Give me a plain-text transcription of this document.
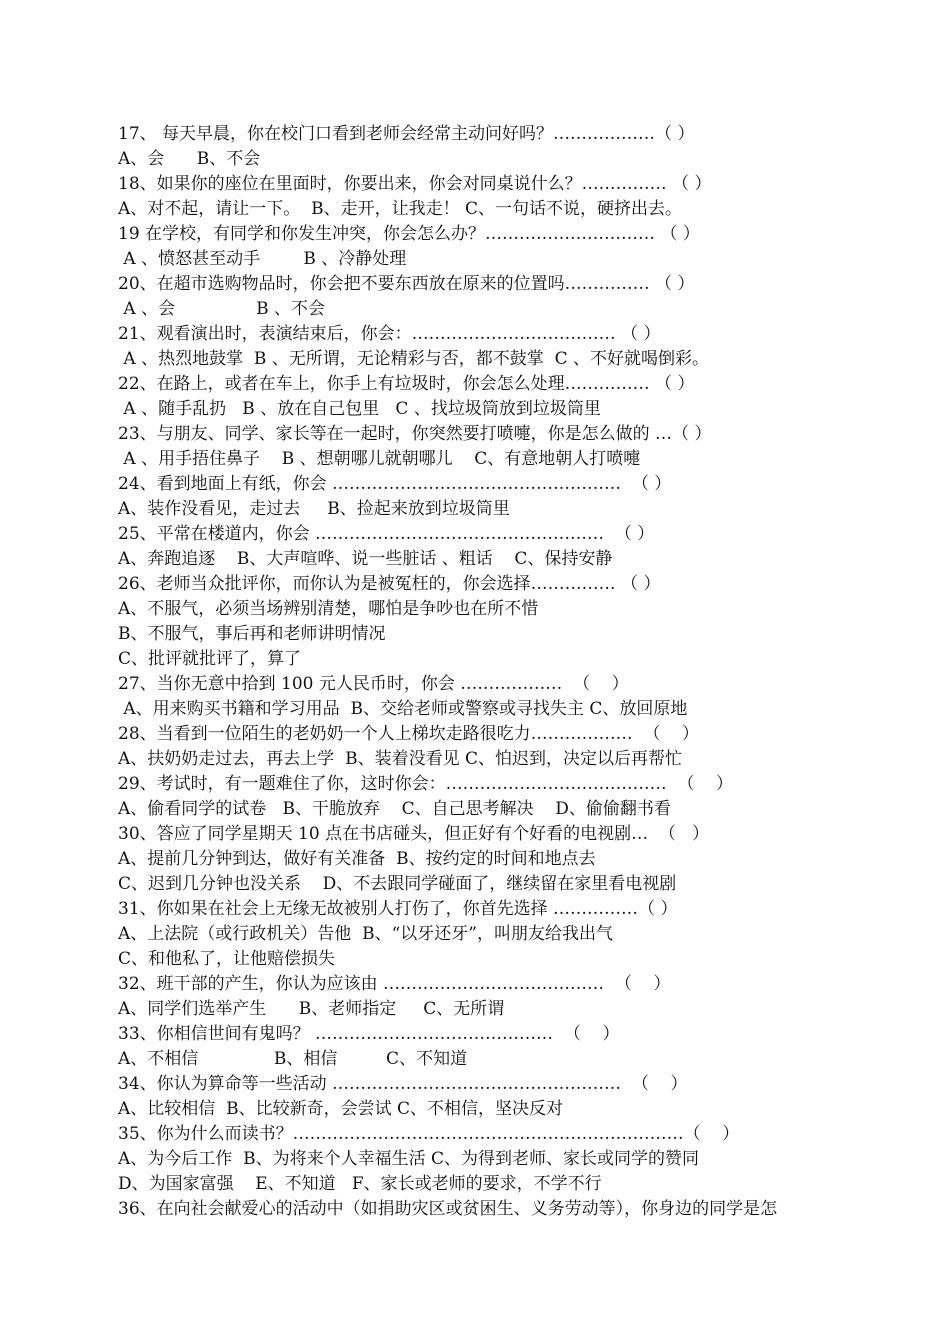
17、 每天早晨，你在校门口看到老师会经常主动问好吗？………………（ ）
A、会      B、不会
18、如果你的座位在里面时，你要出来，你会对同桌说什么？…………… （ ）
A、对不起，请让一下。  B、走开，让我走！ C、一句话不说，硬挤出去。
19 在学校，有同学和你发生冲突，你会怎么办？………………………… （ ）
A 、愤怒甚至动手        B 、冷静处理
20、在超市选购物品时，你会把不要东西放在原来的位置吗…………… （ ）
A 、会               B 、不会
21、观看演出时，表演结束后，你会：……………………………… （ ）
A 、热烈地鼓掌  B 、无所谓，无论精彩与否，都不鼓掌  C 、不好就喝倒彩。
22、在路上，或者在车上，你手上有垃圾时，你会怎么处理…………… （ ）
A 、随手乱扔   B 、放在自己包里   C 、找垃圾筒放到垃圾筒里
23、与朋友、同学、家长等在一起时，你突然要打喷嚏，你是怎么做的 …（ ）
A 、用手捂住鼻子    B 、想朝哪儿就朝哪儿    C、有意地朝人打喷嚏
24、看到地面上有纸，你会 ……………………………………………  （ ）
A、装作没看见，走过去     B、捡起来放到垃圾筒里
25、平常在楼道内，你会 ……………………………………………  （ ）
A、奔跑追逐    B、大声喧哗、说一些脏话 、粗话    C、保持安静
26、老师当众批评你，而你认为是被冤枉的，你会选择…………… （ ）
A、不服气，必须当场辨别清楚，哪怕是争吵也在所不惜
B、不服气，事后再和老师讲明情况
C、批评就批评了，算了
27、当你无意中拾到 100 元人民币时，你会 ………………  （    ）
A、用来购买书籍和学习用品  B、交给老师或警察或寻找失主 C、放回原地
28、当看到一位陌生的老奶奶一个人上梯坎走路很吃力………………  （    ）
A、扶奶奶走过去，再去上学  B、装着没看见 C、怕迟到，决定以后再帮忙
29、考试时，有一题难住了你，这时你会：…………………………………  （    ）
A、偷看同学的试卷   B、干脆放弃    C、自己思考解决    D、偷偷翻书看
30、答应了同学星期天 10 点在书店碰头，但正好有个好看的电视剧…  （   ）
A、提前几分钟到达，做好有关准备  B、按约定的时间和地点去
C、迟到几分钟也没关系    D、不去跟同学碰面了，继续留在家里看电视剧
31、你如果在社会上无缘无故被别人打伤了，你首先选择 ……………（ ）
A、上法院（或行政机关）告他  B、“以牙还牙”，叫朋友给我出气
C、和他私了，让他赔偿损失
32、班干部的产生，你认为应该由 …………………………………  （    ）
A、同学们选举产生      B、老师指定     C、无所谓
33、你相信世间有鬼吗？ ……………………………………  （    ）
A、不相信              B、相信         C、不知道
34、你认为算命等一些活动 ……………………………………………  （    ）
A、比较相信  B、比较新奇，会尝试 C、不相信，坚决反对
35、你为什么而读书？……………………………………………………………（    ）
A、为今后工作  B、为将来个人幸福生活 C、为得到老师、家长或同学的赞同
D、为国家富强    E、不知道   F、家长或老师的要求，不学不行
36、在向社会献爱心的活动中（如捐助灾区或贫困生、义务劳动等），你身边的同学是怎
